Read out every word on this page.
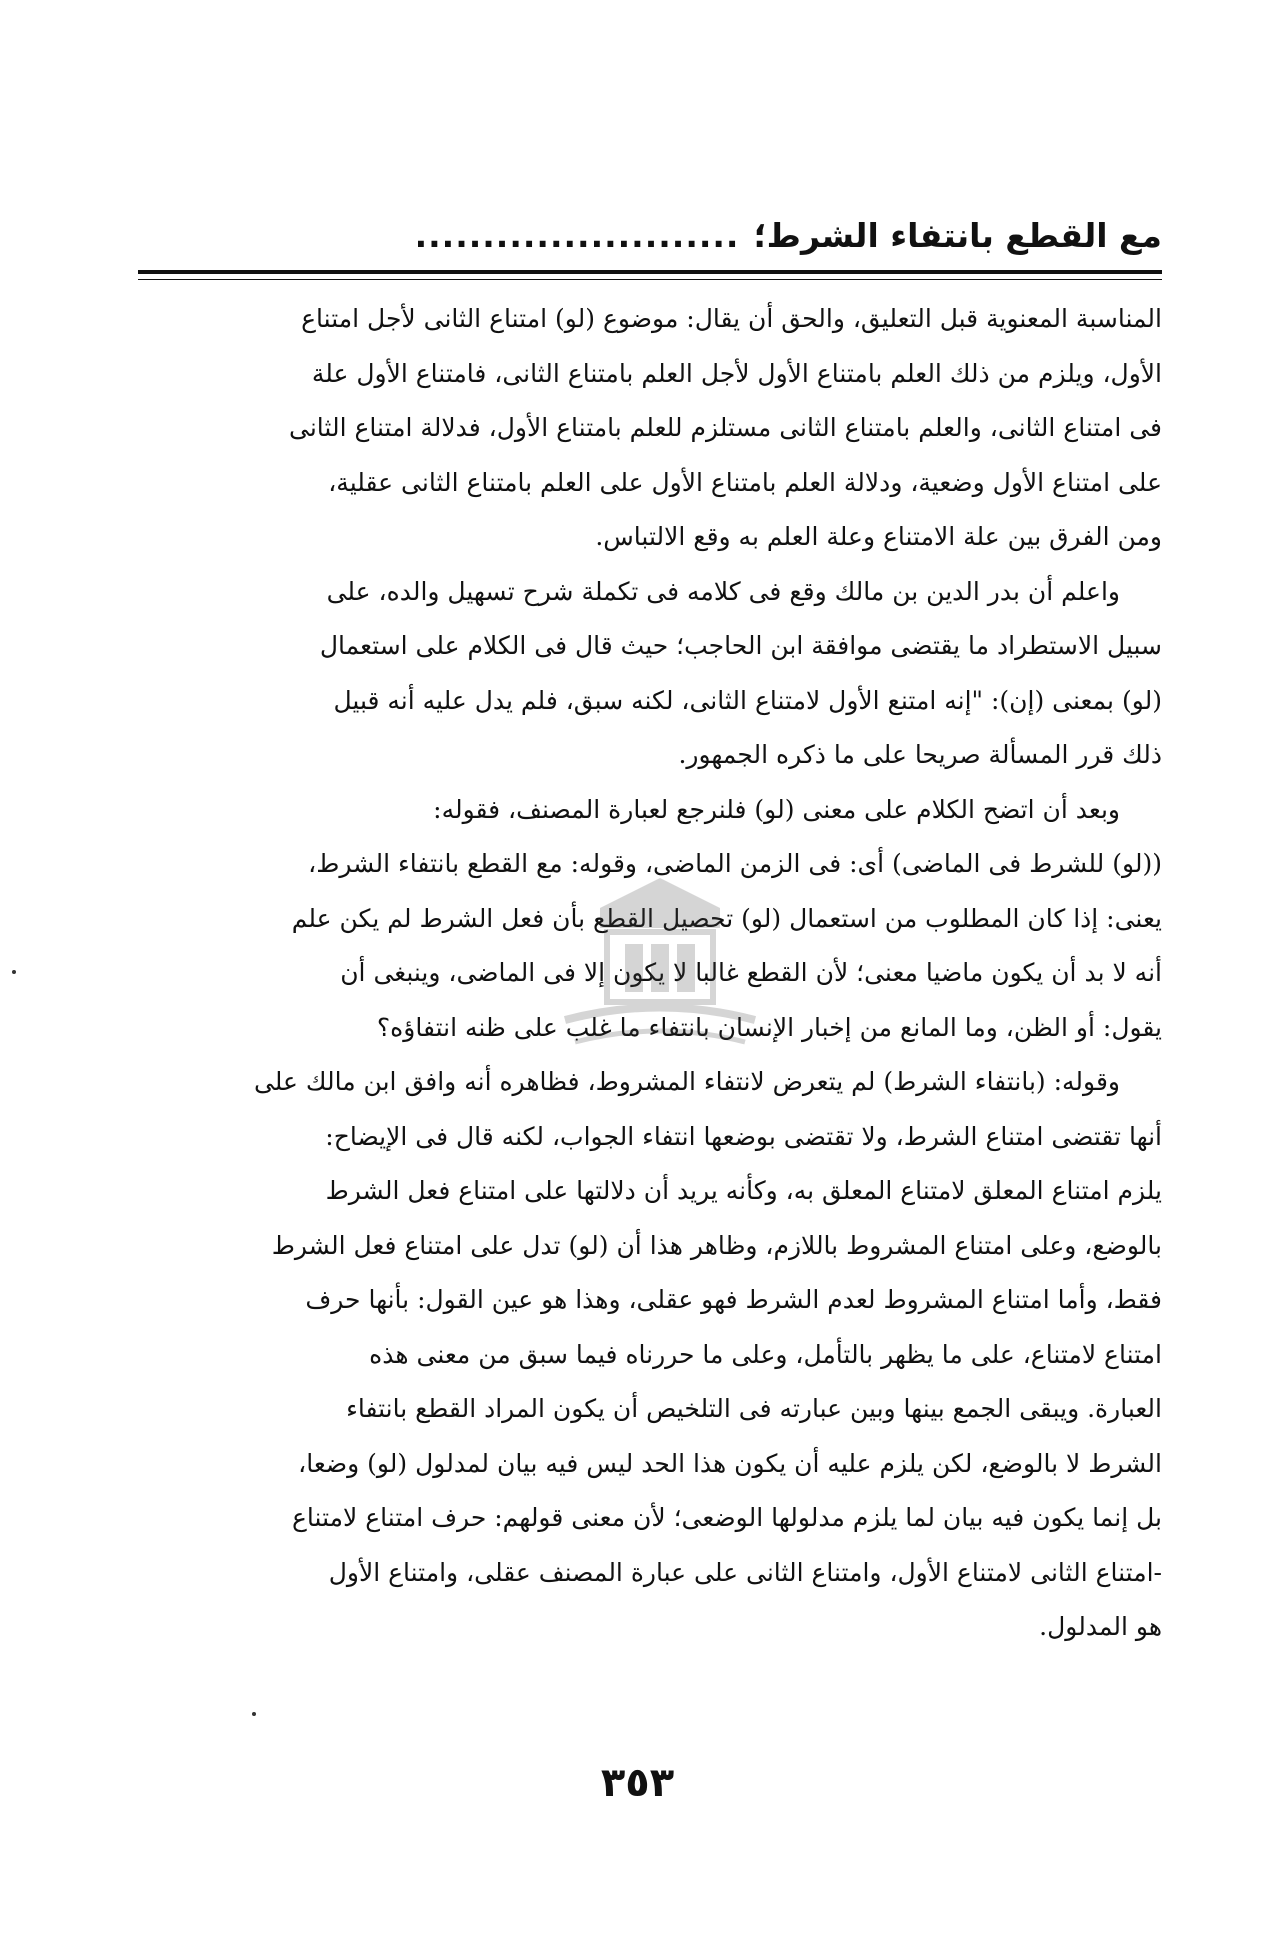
مع القطع بانتفاء الشرط؛
........................
المناسبة المعنوية قبل التعليق، والحق أن يقال: موضوع (لو) امتناع الثانى لأجل امتناع
الأول، ويلزم من ذلك العلم بامتناع الأول لأجل العلم بامتناع الثانى، فامتناع الأول علة
فى امتناع الثانى، والعلم بامتناع الثانى مستلزم للعلم بامتناع الأول، فدلالة امتناع الثانى
على امتناع الأول وضعية، ودلالة العلم بامتناع الأول على العلم بامتناع الثانى عقلية،
ومن الفرق بين علة الامتناع وعلة العلم به وقع الالتباس.
واعلم أن بدر الدين بن مالك وقع فى كلامه فى تكملة شرح تسهيل والده، على
سبيل الاستطراد ما يقتضى موافقة ابن الحاجب؛ حيث قال فى الكلام على استعمال
(لو) بمعنى (إن): "إنه امتنع الأول لامتناع الثانى، لكنه سبق، فلم يدل عليه أنه قبيل
ذلك قرر المسألة صريحا على ما ذكره الجمهور.
وبعد أن اتضح الكلام على معنى (لو) فلنرجع لعبارة المصنف، فقوله:
((لو) للشرط فى الماضى) أى: فى الزمن الماضى، وقوله: مع القطع بانتفاء الشرط،
يعنى: إذا كان المطلوب من استعمال (لو) تحصيل القطع بأن فعل الشرط لم يكن علم
أنه لا بد أن يكون ماضيا معنى؛ لأن القطع غالبا لا يكون إلا فى الماضى، وينبغى أن
يقول: أو الظن، وما المانع من إخبار الإنسان بانتفاء ما غلب على ظنه انتفاؤه؟
وقوله: (بانتفاء الشرط) لم يتعرض لانتفاء المشروط، فظاهره أنه وافق ابن مالك على
أنها تقتضى امتناع الشرط، ولا تقتضى بوضعها انتفاء الجواب، لكنه قال فى الإيضاح:
يلزم امتناع المعلق لامتناع المعلق به، وكأنه يريد أن دلالتها على امتناع فعل الشرط
بالوضع، وعلى امتناع المشروط باللازم، وظاهر هذا أن (لو) تدل على امتناع فعل الشرط
فقط، وأما امتناع المشروط لعدم الشرط فهو عقلى، وهذا هو عين القول: بأنها حرف
امتناع لامتناع، على ما يظهر بالتأمل، وعلى ما حررناه فيما سبق من معنى هذه
العبارة. ويبقى الجمع بينها وبين عبارته فى التلخيص أن يكون المراد القطع بانتفاء
الشرط لا بالوضع، لكن يلزم عليه أن يكون هذا الحد ليس فيه بيان لمدلول (لو) وضعا،
بل إنما يكون فيه بيان لما يلزم مدلولها الوضعى؛ لأن معنى قولهم: حرف امتناع لامتناع
-امتناع الثانى لامتناع الأول، وامتناع الثانى على عبارة المصنف عقلى، وامتناع الأول
هو المدلول.
٣٥٣
